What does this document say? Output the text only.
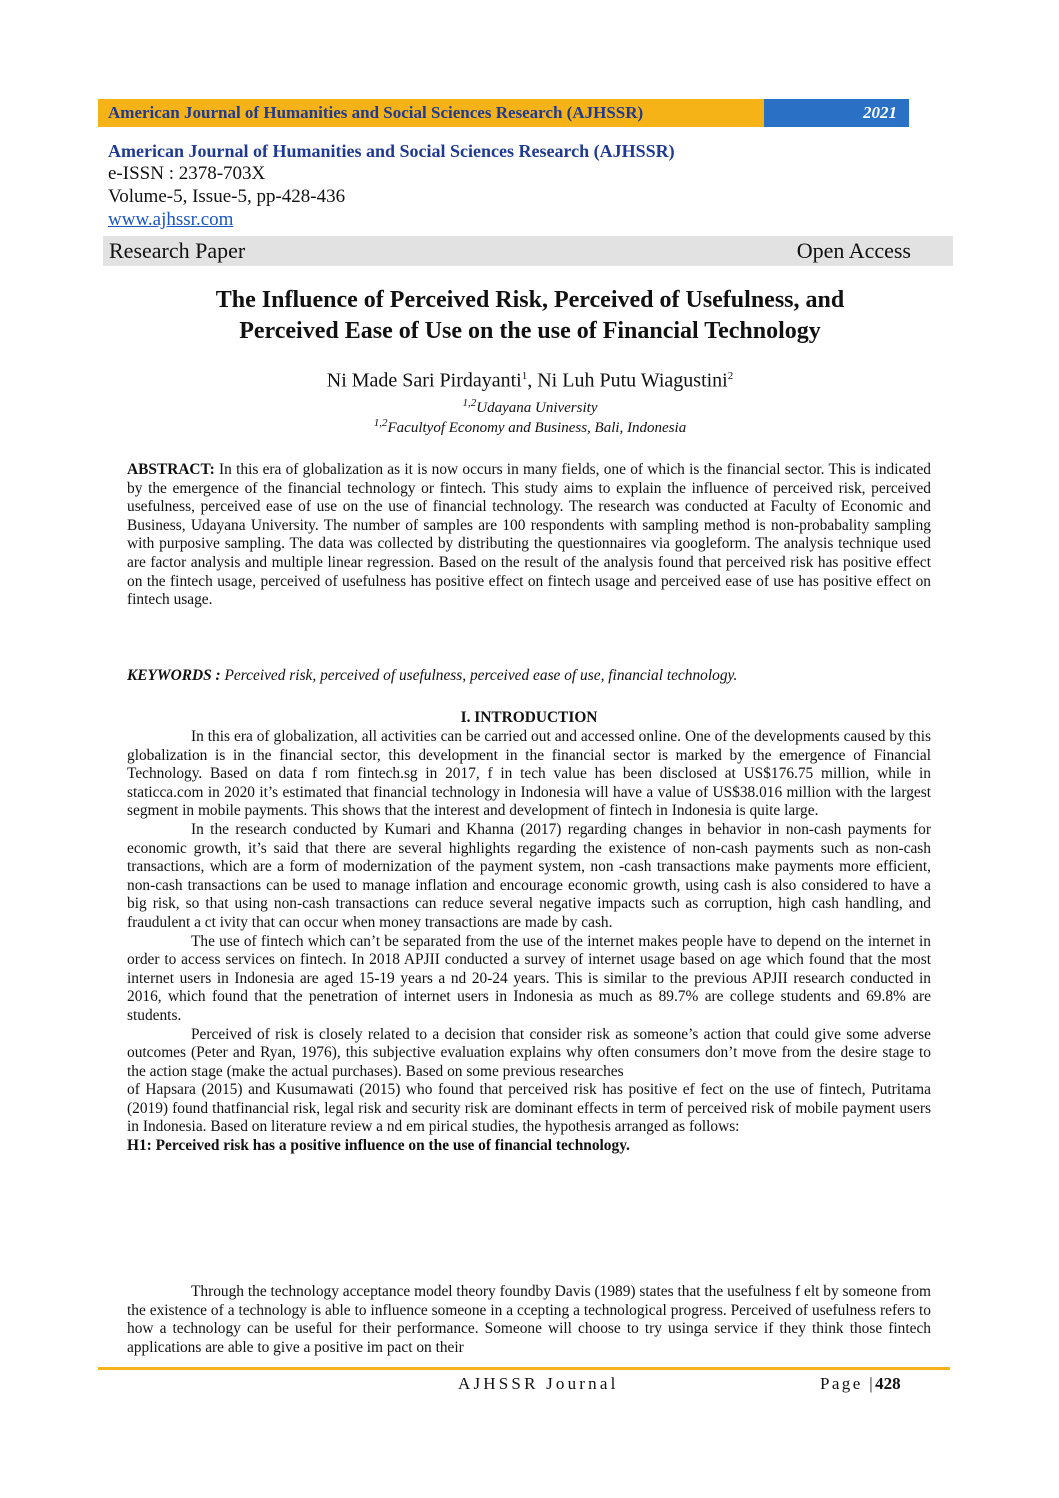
American Journal of Humanities and Social Sciences Research (AJHSSR)	2021
American Journal of Humanities and Social Sciences Research (AJHSSR)
e-ISSN : 2378-703X
Volume-5, Issue-5, pp-428-436
www.ajhssr.com
Research Paper	Open Access
The Influence of Perceived Risk, Perceived of Usefulness, and
Perceived Ease of Use on the use of Financial Technology
Ni Made Sari Pirdayanti$^1$, Ni Luh Putu Wiagustini$^2$
$^{1,2}$Udayana University
$^{1,2}$Facultyof Economy and Business, Bali, Indonesia
ABSTRACT: In this era of globalization as it is now occurs in many fields, one of which is the financial sector. This is indicated by the emergence of the financial technology or fintech. This study aims to explain the influence of perceived risk, perceived usefulness, perceived ease of use on the use of financial technology. The research was conducted at Faculty of Economic and Business, Udayana University. The number of samples are 100 respondents with sampling method is non-probabality sampling with purposive sampling. The data was collected by distributing the questionnaires via googleform. The analysis technique used are factor analysis and multiple linear regression. Based on the result of the analysis found that perceived risk has positive effect on the fintech usage, perceived of usefulness has positive effect on fintech usage and perceived ease of use has positive effect on fintech usage.
KEYWORDS : Perceived risk, perceived of usefulness, perceived ease of use, financial technology.
I. INTRODUCTION

In this era of globalization, all activities can be carried out and accessed online. One of the developments caused by this globalization is in the financial sector, this development in the financial sector is marked by the emergence of Financial Technology. Based on data f rom fintech.sg in 2017, f in tech value has been disclosed at US$176.75 million, while in staticca.com in 2020 it’s estimated that financial technology in Indonesia will have a value of US$38.016 million with the largest segment in mobile payments. This shows that the interest and development of fintech in Indonesia is quite large.

In the research conducted by Kumari and Khanna (2017) regarding changes in behavior in non-cash payments for economic growth, it’s said that there are several highlights regarding the existence of non-cash payments such as non-cash transactions, which are a form of modernization of the payment system, non -cash transactions make payments more efficient, non-cash transactions can be used to manage inflation and encourage economic growth, using cash is also considered to have a big risk, so that using non-cash transactions can reduce several negative impacts such as corruption, high cash handling, and fraudulent a ct ivity that can occur when money transactions are made by cash.

The use of fintech which can’t be separated from the use of the internet makes people have to depend on the internet in order to access services on fintech. In 2018 APJII conducted a survey of internet usage based on age which found that the most internet users in Indonesia are aged 15-19 years a nd 20-24 years. This is similar to the previous APJII research conducted in 2016, which found that the penetration of internet users in Indonesia as much as 89.7% are college students and 69.8% are students.

Perceived of risk is closely related to a decision that consider risk as someone’s action that could give some adverse outcomes (Peter and Ryan, 1976), this subjective evaluation explains why often consumers don’t move from the desire stage to the action stage (make the actual purchases). Based on some previous researches

of Hapsara (2015) and Kusumawati (2015) who found that perceived risk has positive ef fect on the use of fintech, Putritama (2019) found thatfinancial risk, legal risk and security risk are dominant effects in term of perceived risk of mobile payment users in Indonesia. Based on literature review a nd em pirical studies, the hypothesis arranged as follows:

H1: Perceived risk has a positive influence on the use of financial technology.

Through the technology acceptance model theory foundby Davis (1989) states that the usefulness f elt by someone from the existence of a technology is able to influence someone in a ccepting a technological progress. Perceived of usefulness refers to how a technology can be useful for their performance. Someone will choose to try usinga service if they think those fintech applications are able to give a positive im pact on their

AJHSSR Journal	Page |428
